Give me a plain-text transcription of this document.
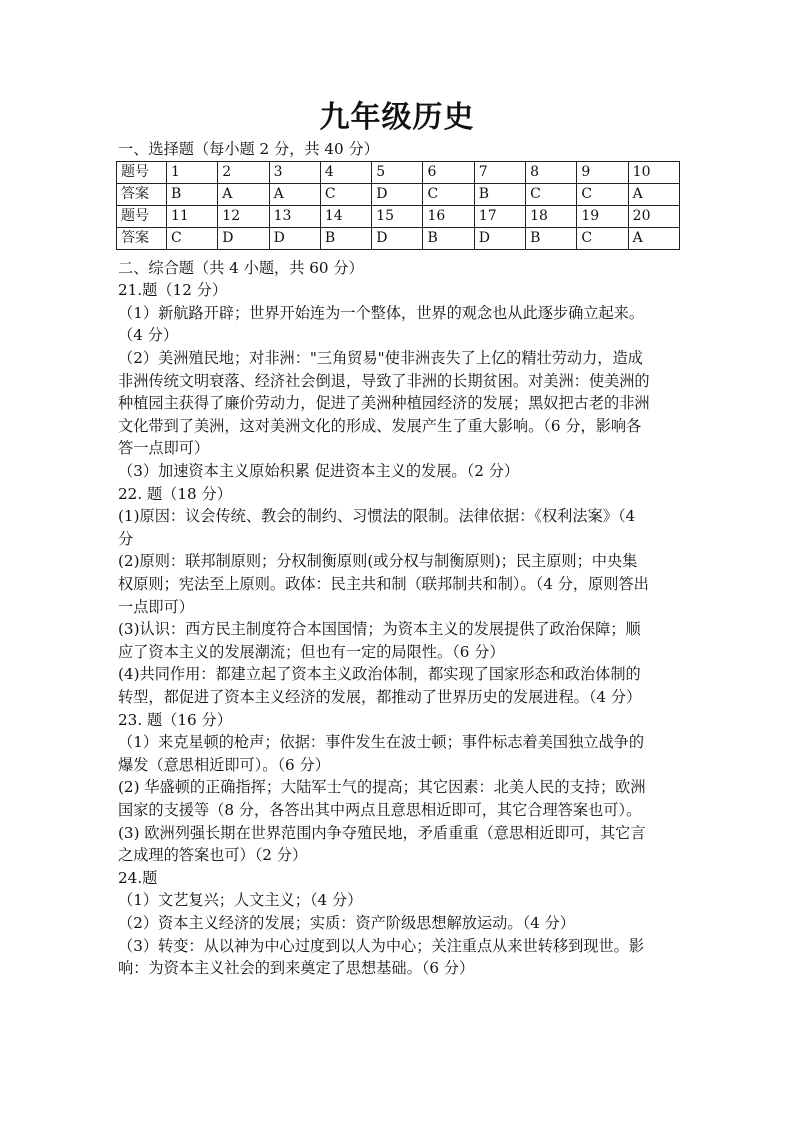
九年级历史
一、选择题（每小题 2 分，共 40 分）
题号	1	2	3	4	5	6	7	8	9	10
答案	B	A	A	C	D	C	B	C	C	A
题号	11	12	13	14	15	16	17	18	19	20
答案	C	D	D	B	D	B	D	B	C	A
二、综合题（共 4 小题，共 60 分）
21.题（12 分）
（1）新航路开辟；世界开始连为一个整体，世界的观念也从此逐步确立起来。
（4 分）
（2）美洲殖民地；对非洲："三角贸易"使非洲丧失了上亿的精壮劳动力，造成
非洲传统文明衰落、经济社会倒退，导致了非洲的长期贫困。对美洲：使美洲的
种植园主获得了廉价劳动力，促进了美洲种植园经济的发展；黑奴把古老的非洲
文化带到了美洲，这对美洲文化的形成、发展产生了重大影响。（6 分，影响各
答一点即可）
（3）加速资本主义原始积累 促进资本主义的发展。（2 分）
22. 题（18 分）
(1)原因：议会传统、教会的制约、习惯法的限制。法律依据：《权利法案》（4
分
(2)原则：联邦制原则；分权制衡原则(或分权与制衡原则)；民主原则；中央集
权原则；宪法至上原则。政体：民主共和制（联邦制共和制）。（4 分，原则答出
一点即可）
(3)认识：西方民主制度符合本国国情；为资本主义的发展提供了政治保障；顺
应了资本主义的发展潮流；但也有一定的局限性。（6 分）
(4)共同作用：都建立起了资本主义政治体制，都实现了国家形态和政治体制的
转型，都促进了资本主义经济的发展，都推动了世界历史的发展进程。（4 分）
23. 题（16 分）
（1）来克星顿的枪声；依据：事件发生在波士顿；事件标志着美国独立战争的
爆发（意思相近即可）。（6 分）
(2) 华盛顿的正确指挥；大陆军士气的提高；其它因素：北美人民的支持；欧洲
国家的支援等（8 分，各答出其中两点且意思相近即可，其它合理答案也可）。
(3) 欧洲列强长期在世界范围内争夺殖民地，矛盾重重（意思相近即可，其它言
之成理的答案也可）（2 分）
24.题
（1）文艺复兴；人文主义；（4 分）
（2）资本主义经济的发展；实质：资产阶级思想解放运动。（4 分）
（3）转变：从以神为中心过度到以人为中心；关注重点从来世转移到现世。影
响：为资本主义社会的到来奠定了思想基础。（6 分）
